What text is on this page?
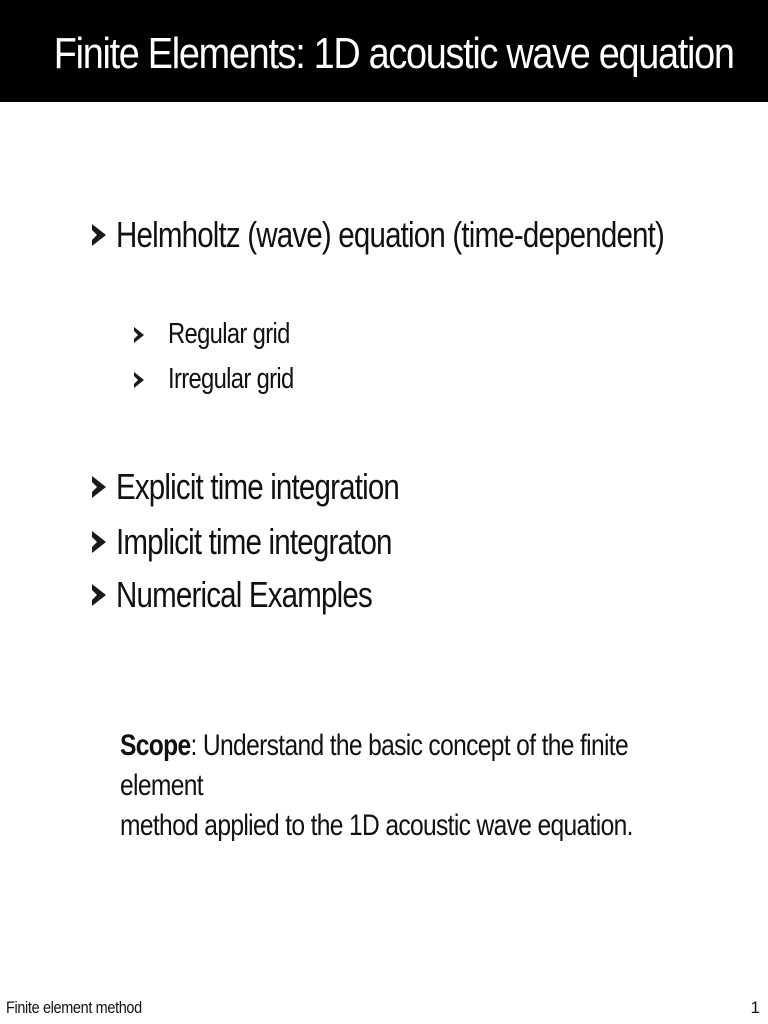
Finite Elements: 1D acoustic wave equation
Helmholtz (wave) equation (time-dependent)
Regular grid
Irregular grid
Explicit time integration
Implicit time integraton
Numerical Examples
Scope: Understand the basic concept of the finite element
method applied to the 1D acoustic wave equation.
Finite element method	1
